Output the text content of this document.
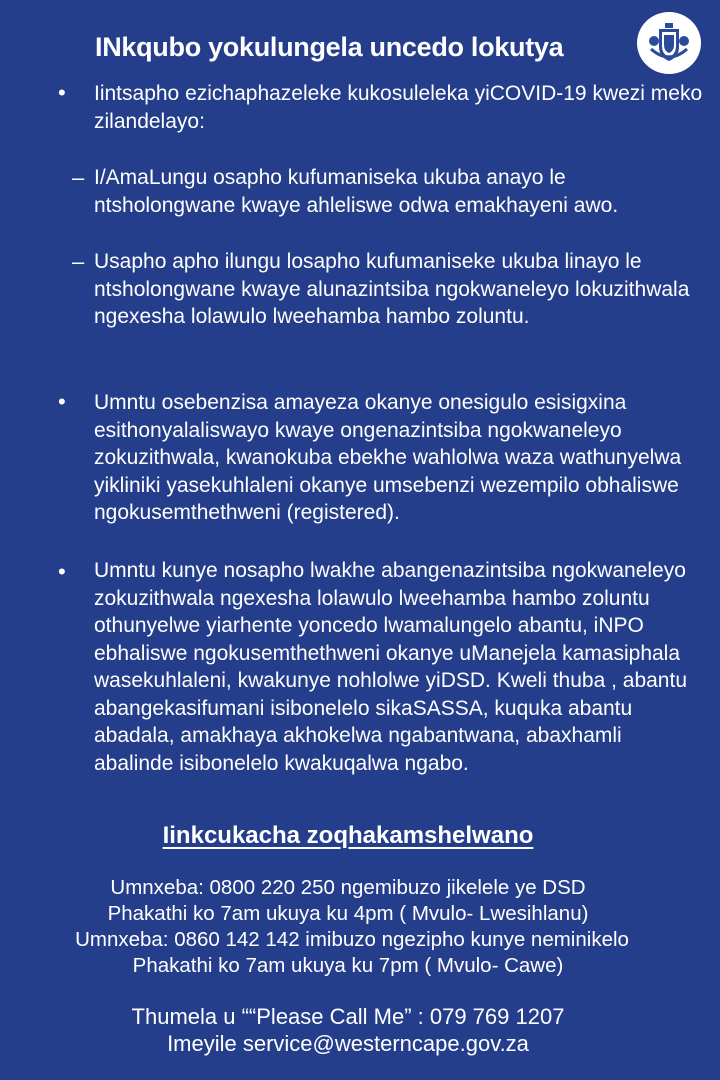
INkqubo yokulungela uncedo lokutya
• Iintsapho ezichaphazeleke kukosuleleka yiCOVID-19 kwezi meko zilandelayo:
– I/AmaLungu osapho kufumaniseka ukuba anayo le ntsholongwane kwaye ahleliswe odwa emakhayeni awo.
– Usapho apho ilungu losapho kufumaniseke ukuba linayo le ntsholongwane kwaye alunazintsiba ngokwaneleyo lokuzithwala ngexesha lolawulo lweehamba hambo zoluntu.
• Umntu osebenzisa amayeza okanye onesigulo esisigxina esithonyalaliswayo kwaye ongenazintsiba ngokwaneleyo zokuzithwala, kwanokuba ebekhe wahlolwa waza wathunyelwa yikliniki yasekuhlaleni okanye umsebenzi wezempilo obhaliswe ngokusemthethweni (registered).
• Umntu kunye nosapho lwakhe abangenazintsiba ngokwaneleyo zokuzithwala ngexesha lolawulo lweehamba hambo zoluntu othunyelwe yiarhente yoncedo lwamalungelo abantu, iNPO ebhaliswe ngokusemthethweni okanye uManejela kamasiphala wasekuhlaleni, kwakunye nohlolwe yiDSD. Kweli thuba , abantu abangekasifumani isibonelelo sikaSASSA, kuquka abantu abadala, amakhaya akhokelwa ngabantwana, abaxhamli abalinde isibonelelo kwakuqalwa ngabo.
Iinkcukacha zoqhakamshelwano
Umnxeba: 0800 220 250 ngemibuzo jikelele ye DSD
Phakathi ko 7am ukuya ku 4pm ( Mvulo- Lwesihlanu)
Umnxeba: 0860 142 142 imibuzo ngezipho kunye neminikelo
Phakathi ko 7am ukuya ku 7pm ( Mvulo- Cawe)
Thumela u ““Please Call Me” : 079 769 1207
Imeyile service@westerncape.gov.za
